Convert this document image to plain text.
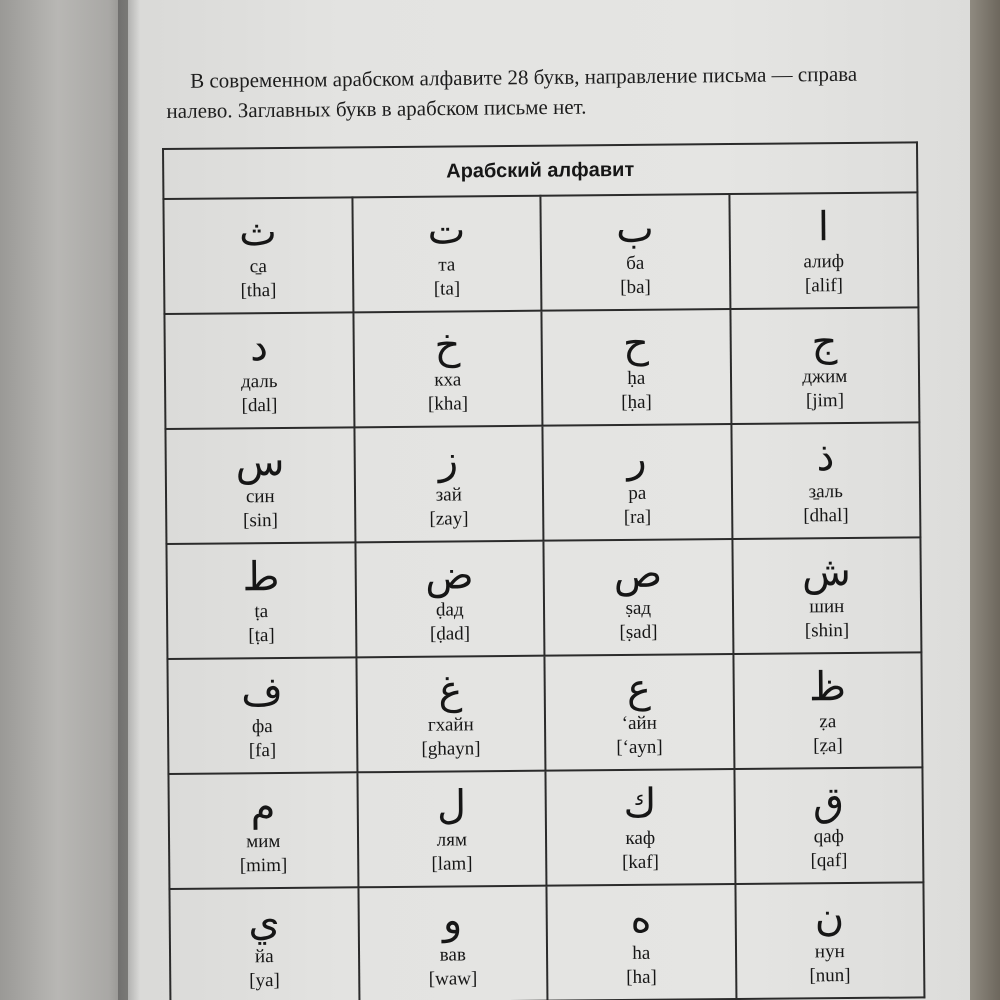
В современном арабском алфавите 28 букв, направление письма — справа налево. Заглавных букв в арабском письме нет.

Арабский алфавит			

ث
с̱а
[tha]	ت
та
[ta]	ب
ба
[ba]	ا
алиф
[alif]

د
даль
[dal]	خ
кха
[kha]	ح
ḥа
[ḥa]	ج
джим
[jim]

س
син
[sin]	ز
зай
[zay]	ر
ра
[ra]	ذ
з̱аль
[dhal]

ط
ṭа
[ṭa]	ض
ḍад
[ḍad]	ص
ṣад
[ṣad]	ش
шин
[shin]

ف
фа
[fa]	غ
гхайн
[ghayn]	ع
ʻайн
[ʻayn]	ظ
ẓа
[ẓa]

م
мим
[mim]	ل
лям
[lam]	ك
каф
[kaf]	ق
qаф
[qaf]

ي
йа
[ya]	و
вав
[waw]	ه
hа
[ha]	ن
нун
[nun]
